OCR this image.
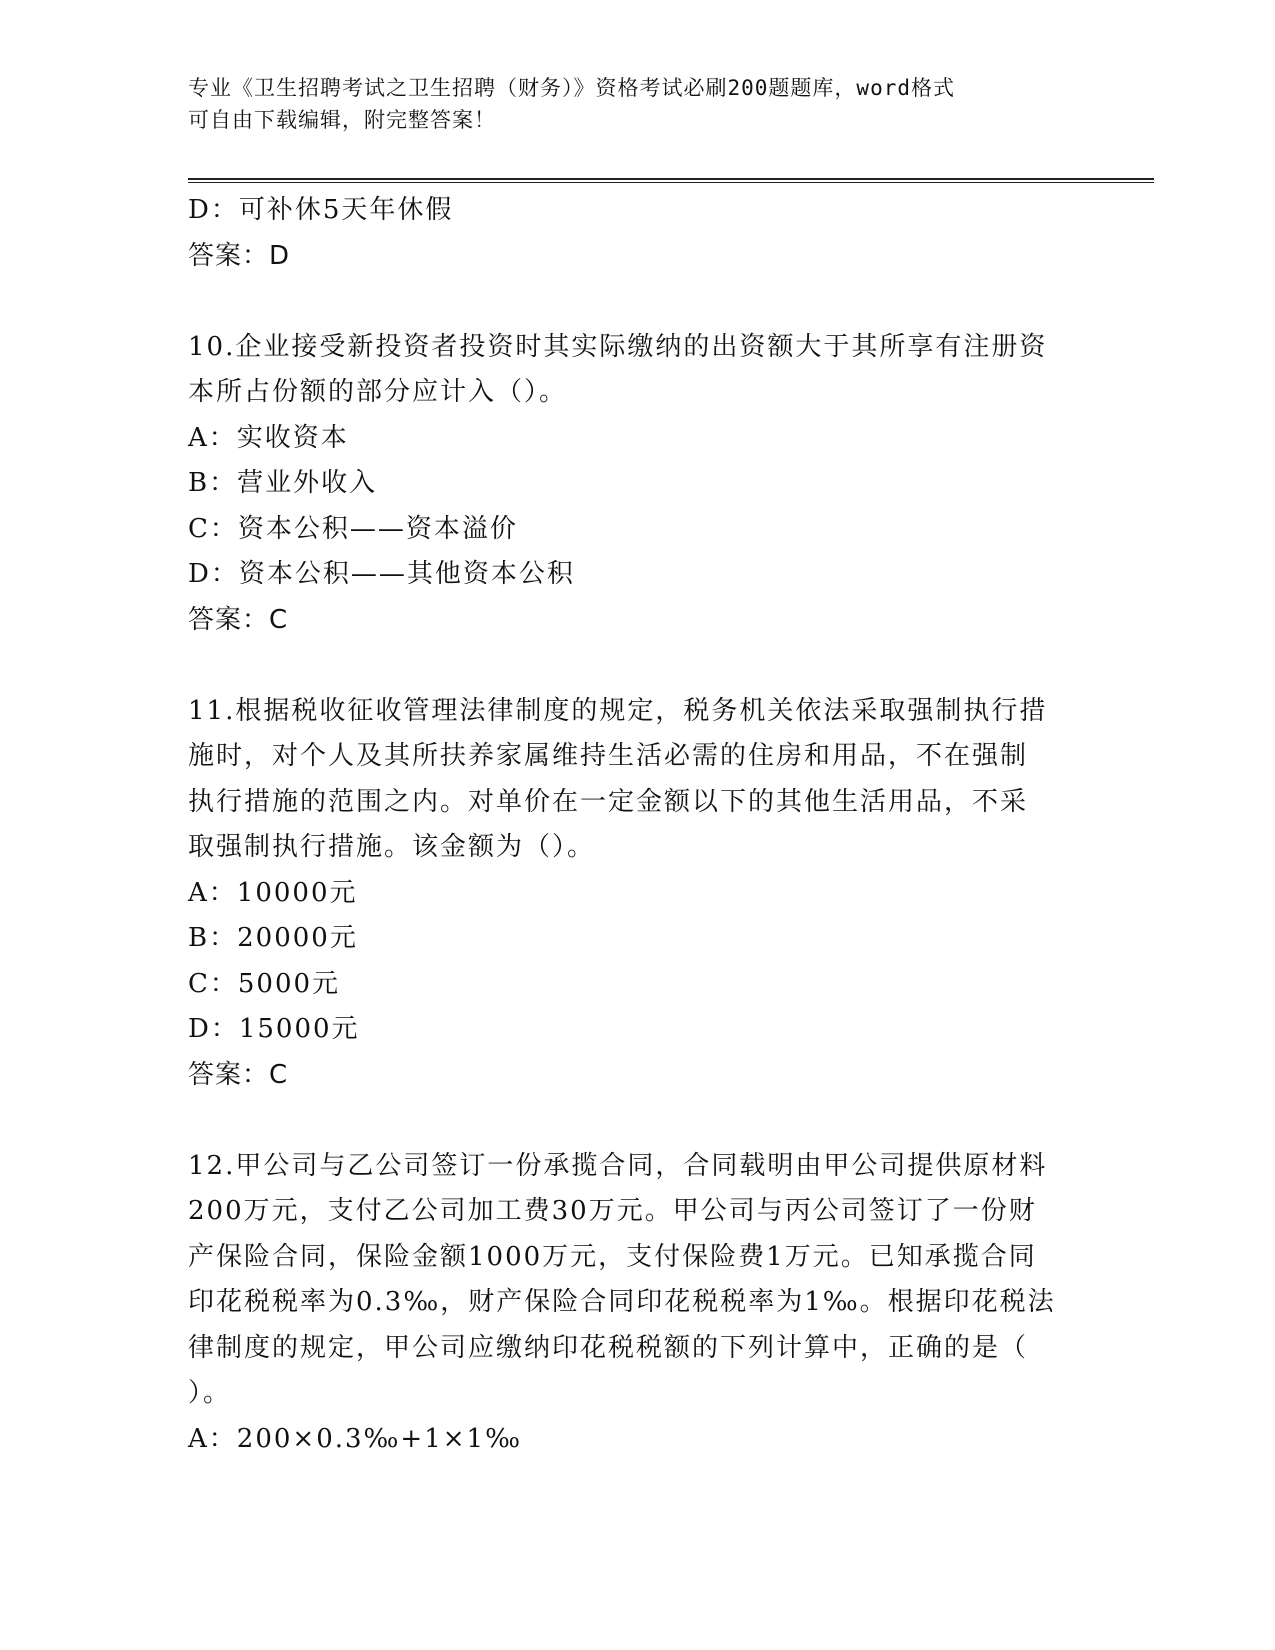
专业《卫生招聘考试之卫生招聘（财务）》资格考试必刷200题题库，word格式
可自由下载编辑，附完整答案！
D：可补休5天年休假
答案：D
10.企业接受新投资者投资时其实际缴纳的出资额大于其所享有注册资
本所占份额的部分应计入（）。
A：实收资本
B：营业外收入
C：资本公积——资本溢价
D：资本公积——其他资本公积
答案：C
11.根据税收征收管理法律制度的规定，税务机关依法采取强制执行措
施时，对个人及其所扶养家属维持生活必需的住房和用品，不在强制
执行措施的范围之内。对单价在一定金额以下的其他生活用品，不采
取强制执行措施。该金额为（）。
A：10000元
B：20000元
C：5000元
D：15000元
答案：C
12.甲公司与乙公司签订一份承揽合同，合同载明由甲公司提供原材料
200万元，支付乙公司加工费30万元。甲公司与丙公司签订了一份财
产保险合同，保险金额1000万元，支付保险费1万元。已知承揽合同
印花税税率为0.3‰，财产保险合同印花税税率为1‰。根据印花税法
律制度的规定，甲公司应缴纳印花税税额的下列计算中，正确的是（
）。
A：200×0.3‰+1×1‰
